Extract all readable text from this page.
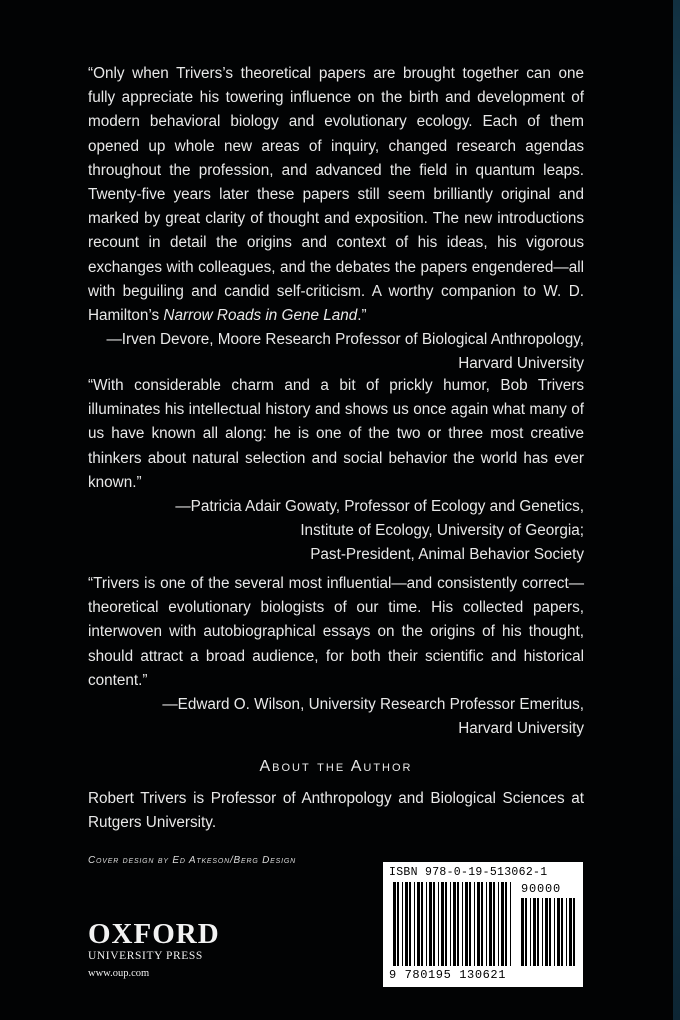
“Only when Trivers’s theoretical papers are brought together can one fully appreciate his towering influence on the birth and development of modern behavioral biology and evolutionary ecology. Each of them opened up whole new areas of inquiry, changed research agendas throughout the profession, and advanced the field in quantum leaps. Twenty-five years later these papers still seem brilliantly original and marked by great clarity of thought and exposition. The new introductions recount in detail the origins and context of his ideas, his vigorous exchanges with colleagues, and the debates the papers engendered—all with beguiling and candid self-criticism. A worthy companion to W. D. Hamilton’s Narrow Roads in Gene Land.”

—Irven Devore, Moore Research Professor of Biological Anthropology,
Harvard University

“With considerable charm and a bit of prickly humor, Bob Trivers illuminates his intellectual history and shows us once again what many of us have known all along: he is one of the two or three most creative thinkers about natural selection and social behavior the world has ever known.”

—Patricia Adair Gowaty, Professor of Ecology and Genetics,
Institute of Ecology, University of Georgia;
Past-President, Animal Behavior Society

“Trivers is one of the several most influential—and consistently correct—theoretical evolutionary biologists of our time. His collected papers, interwoven with autobiographical essays on the origins of his thought, should attract a broad audience, for both their scientific and historical content.”

—Edward O. Wilson, University Research Professor Emeritus,
Harvard University
About the Author

Robert Trivers is Professor of Anthropology and Biological Sciences at Rutgers University.

Cover design by Ed Atkeson/Berg Design
OXFORD
UNIVERSITY PRESS
www.oup.com
ISBN 978-0-19-513062-1
90000
9 780195 130621
